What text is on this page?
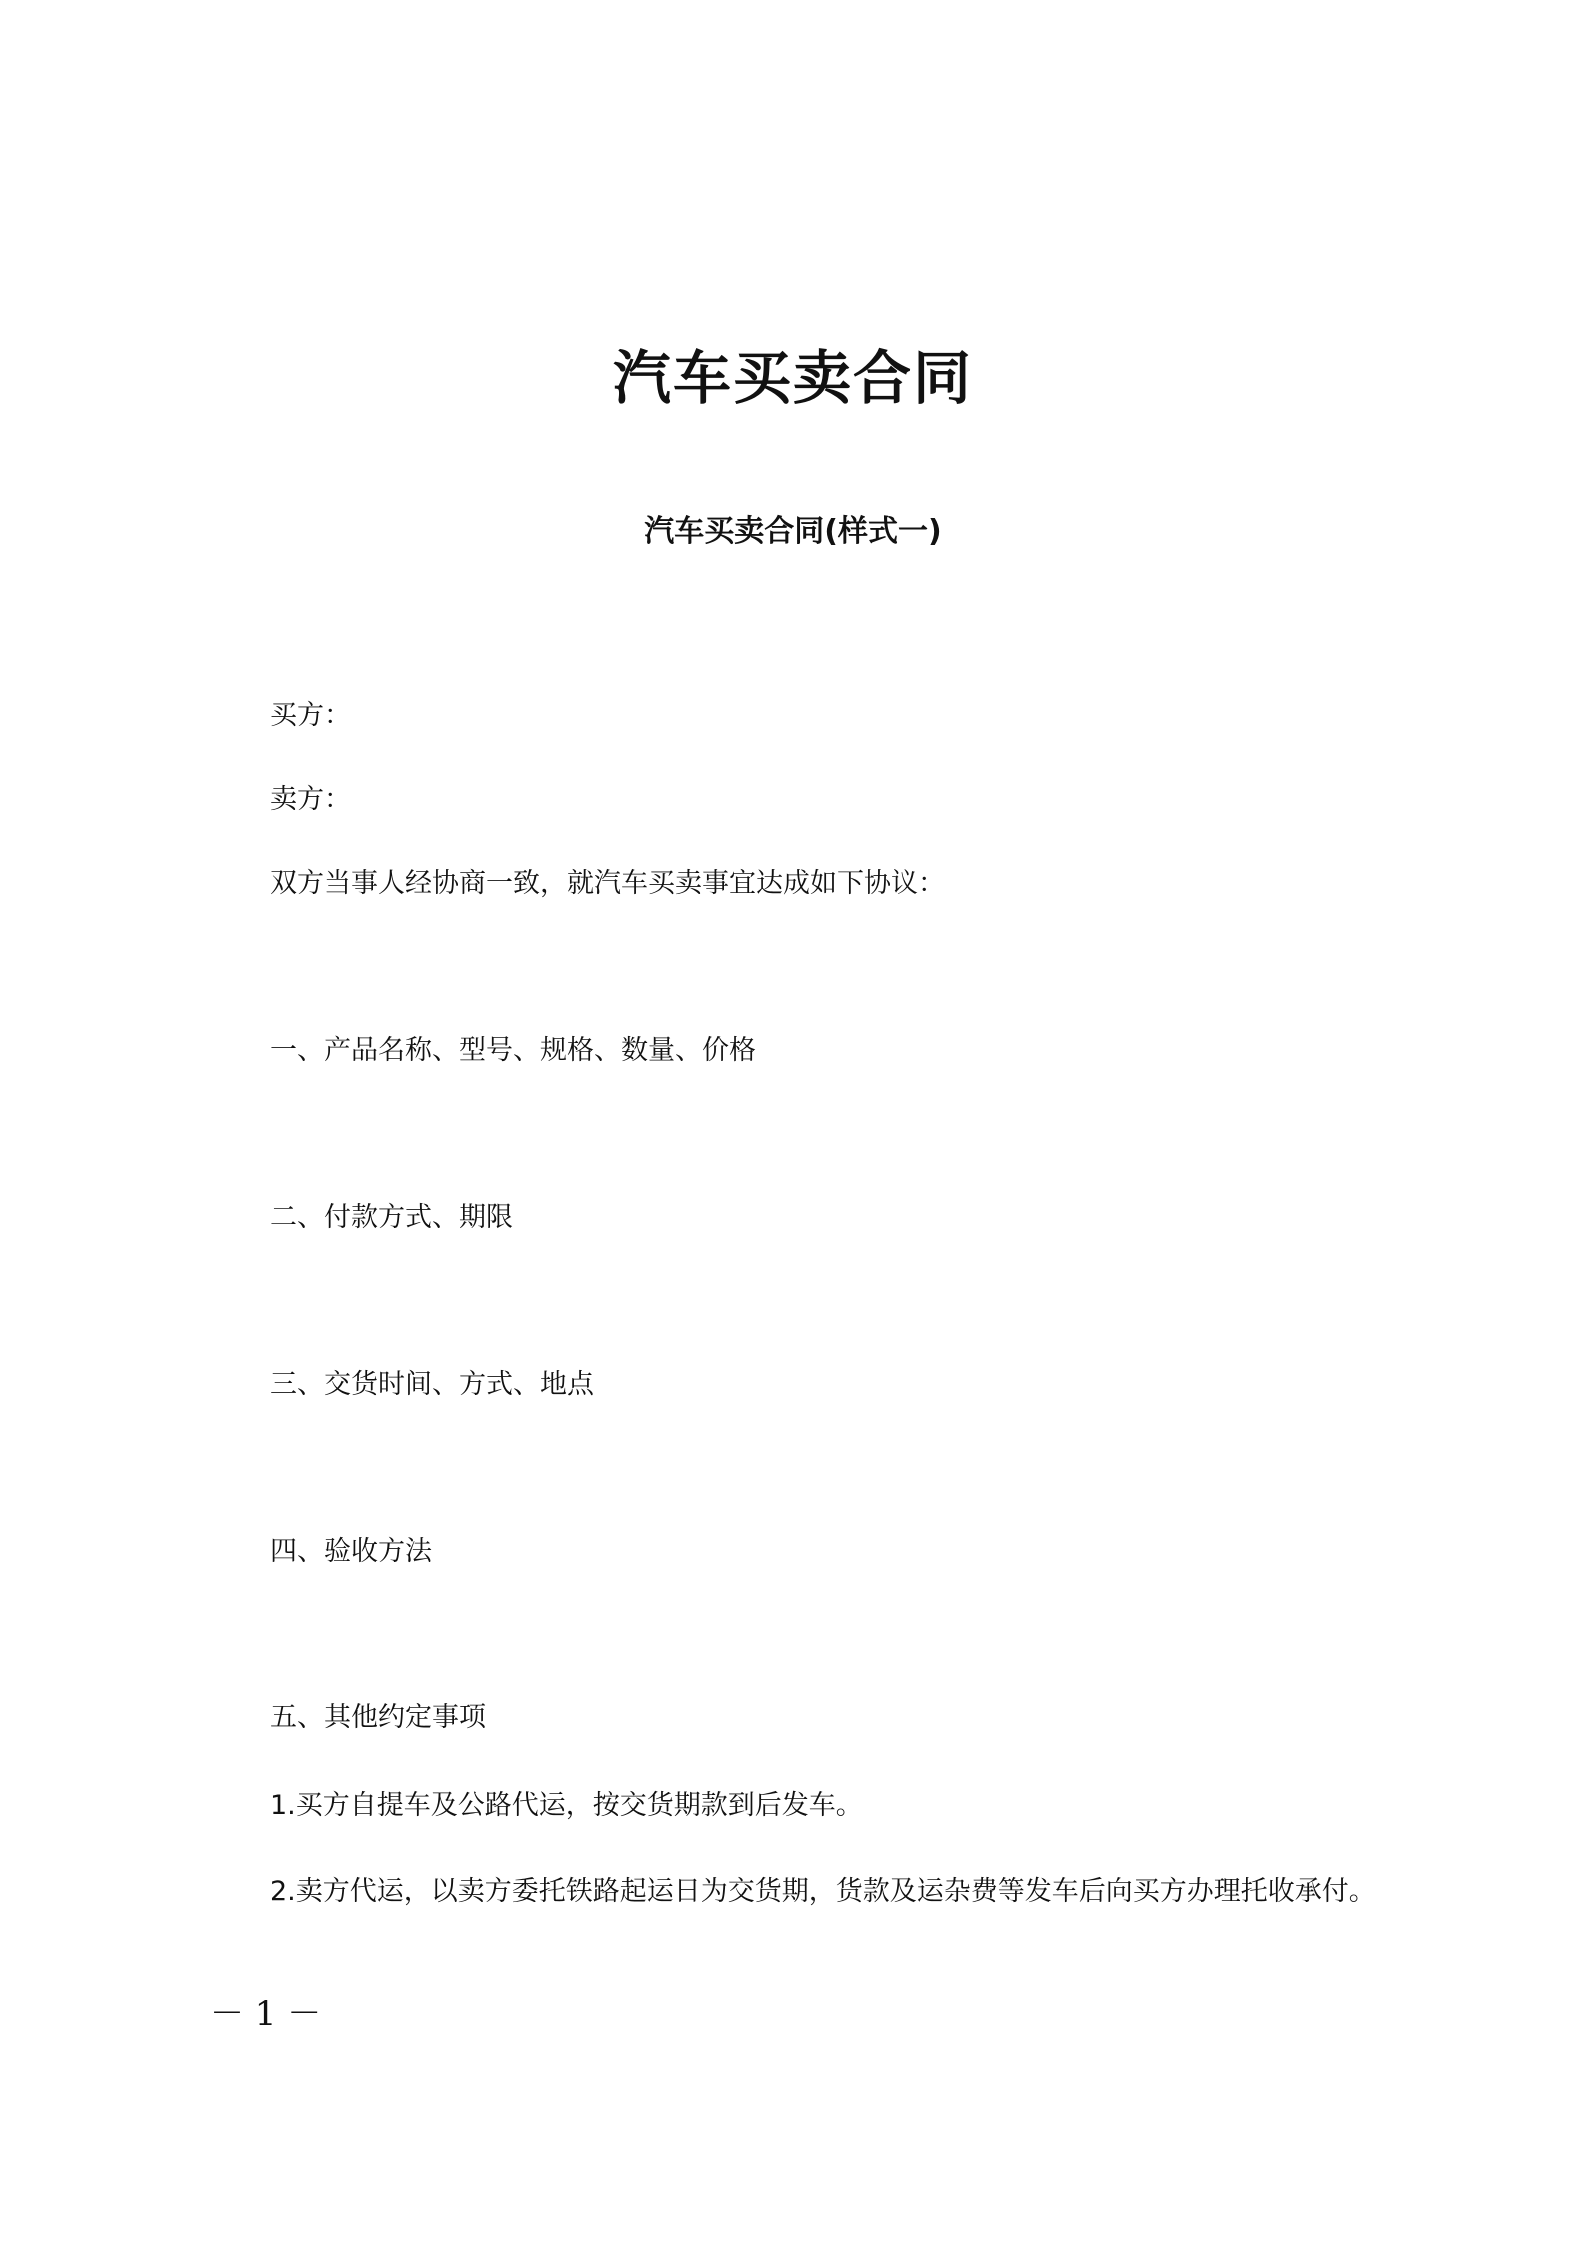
汽车买卖合同
汽车买卖合同(样式一)

买方：

卖方：

双方当事人经协商一致，就汽车买卖事宜达成如下协议：

一、产品名称、型号、规格、数量、价格

二、付款方式、期限

三、交货时间、方式、地点

四、验收方法

五、其他约定事项

1.买方自提车及公路代运，按交货期款到后发车。

2.卖方代运，以卖方委托铁路起运日为交货期，货款及运杂费等发车后向买方办理托收承付。

－ 1 －
